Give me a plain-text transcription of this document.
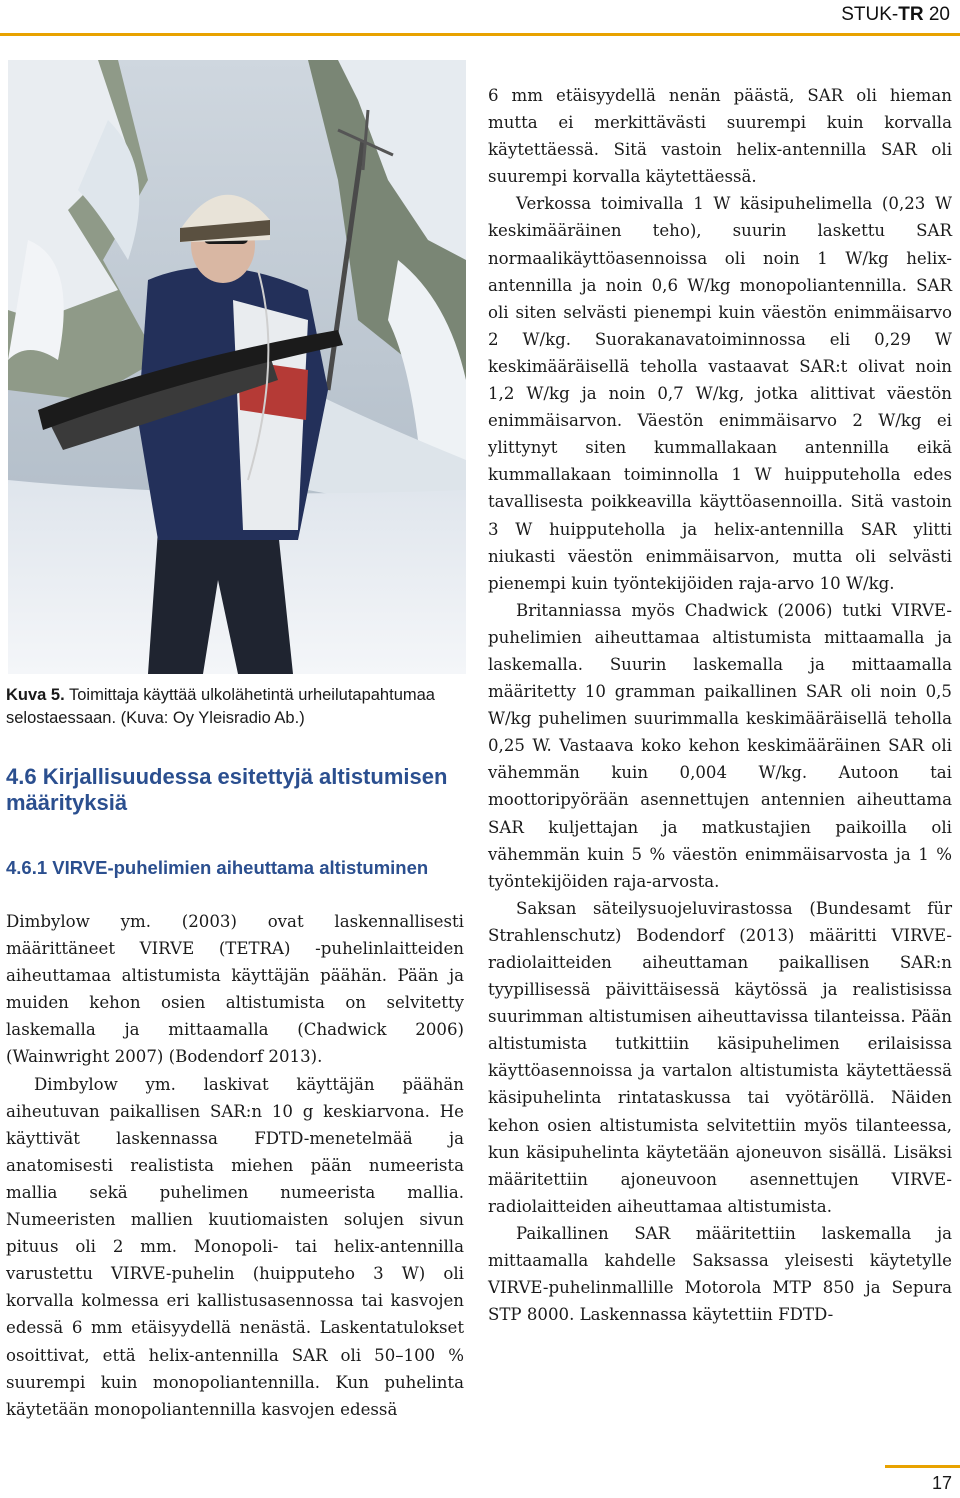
STUK-TR 20
Kuva 5. Toimittaja käyttää ulkolähetintä urheilutapahtumaa selostaessaan. (Kuva: Oy Yleisradio Ab.)
4.6 Kirjallisuudessa esitettyjä altistumisen määrityksiä
4.6.1 VIRVE-puhelimien aiheuttama altistuminen

Dimbylow ym. (2003) ovat laskennallisesti määrittäneet VIRVE (TETRA) -puhelinlaitteiden aiheuttamaa altistumista käyttäjän päähän. Pään ja muiden kehon osien altistumista on selvitetty laskemalla ja mittaamalla (Chadwick 2006) (Wainwright 2007) (Bodendorf 2013).

Dimbylow ym. laskivat käyttäjän päähän aiheutuvan paikallisen SAR:n 10 g keskiarvona. He käyttivät laskennassa FDTD-menetelmää ja anatomisesti realistista miehen pään numeerista mallia sekä puhelimen numeerista mallia. Numeeristen mallien kuutiomaisten solujen sivun pituus oli 2 mm. Monopoli- tai helix-antennilla varustettu VIRVE-puhelin (huipputeho 3 W) oli korvalla kolmessa eri kallistusasennossa tai kasvojen edessä 6 mm etäisyydellä nenästä. Laskentatulokset osoittivat, että helix-antennilla SAR oli 50–100 % suurempi kuin monopoliantennilla. Kun puhelinta käytetään monopoliantennilla kasvojen edessä

6 mm etäisyydellä nenän päästä, SAR oli hieman mutta ei merkittävästi suurempi kuin korvalla käytettäessä. Sitä vastoin helix-antennilla SAR oli suurempi korvalla käytettäessä.

Verkossa toimivalla 1 W käsipuhelimella (0,23 W keskimääräinen teho), suurin laskettu SAR normaalikäyttöasennoissa oli noin 1 W/kg helix-antennilla ja noin 0,6 W/kg monopoliantennilla. SAR oli siten selvästi pienempi kuin väestön enimmäisarvo 2 W/kg. Suorakanavatoiminnossa eli 0,29 W keskimääräisellä teholla vastaavat SAR:t olivat noin 1,2 W/kg ja noin 0,7 W/kg, jotka alittivat väestön enimmäisarvon. Väestön enimmäisarvo 2 W/kg ei ylittynyt siten kummallakaan antennilla eikä kummallakaan toiminnolla 1 W huipputeholla edes tavallisesta poikkeavilla käyttöasennoilla. Sitä vastoin 3 W huipputeholla ja helix-antennilla SAR ylitti niukasti väestön enimmäisarvon, mutta oli selvästi pienempi kuin työntekijöiden raja-arvo 10 W/kg.

Britanniassa myös Chadwick (2006) tutki VIRVE-puhelimien aiheuttamaa altistumista mittaamalla ja laskemalla. Suurin laskemalla ja mittaamalla määritetty 10 gramman paikallinen SAR oli noin 0,5 W/kg puhelimen suurimmalla keskimääräisellä teholla 0,25 W. Vastaava koko kehon keskimääräinen SAR oli vähemmän kuin 0,004 W/kg. Autoon tai moottoripyörään asennettujen antennien aiheuttama SAR kuljettajan ja matkustajien paikoilla oli vähemmän kuin 5 % väestön enimmäisarvosta ja 1 % työntekijöiden raja-arvosta.

Saksan säteilysuojeluvirastossa (Bundesamt für Strahlenschutz) Bodendorf (2013) määritti VIRVE-radiolaitteiden aiheuttaman paikallisen SAR:n tyypillisessä päivittäisessä käytössä ja realistisissa suurimman altistumisen aiheuttavissa tilanteissa. Pään altistumista tutkittiin käsipuhelimen erilaisissa käyttöasennoissa ja vartalon altistumista käytettäessä käsipuhelinta rintataskussa tai vyötäröllä. Näiden kehon osien altistumista selvitettiin myös tilanteessa, kun käsipuhelinta käytetään ajoneuvon sisällä. Lisäksi määritettiin ajoneuvoon asennettujen VIRVE-radiolaitteiden aiheuttamaa altistumista.

Paikallinen SAR määritettiin laskemalla ja mittaamalla kahdelle Saksassa yleisesti käytetylle VIRVE-puhelinmallille Motorola MTP 850 ja Sepura STP 8000. Laskennassa käytettiin FDTD-

17
